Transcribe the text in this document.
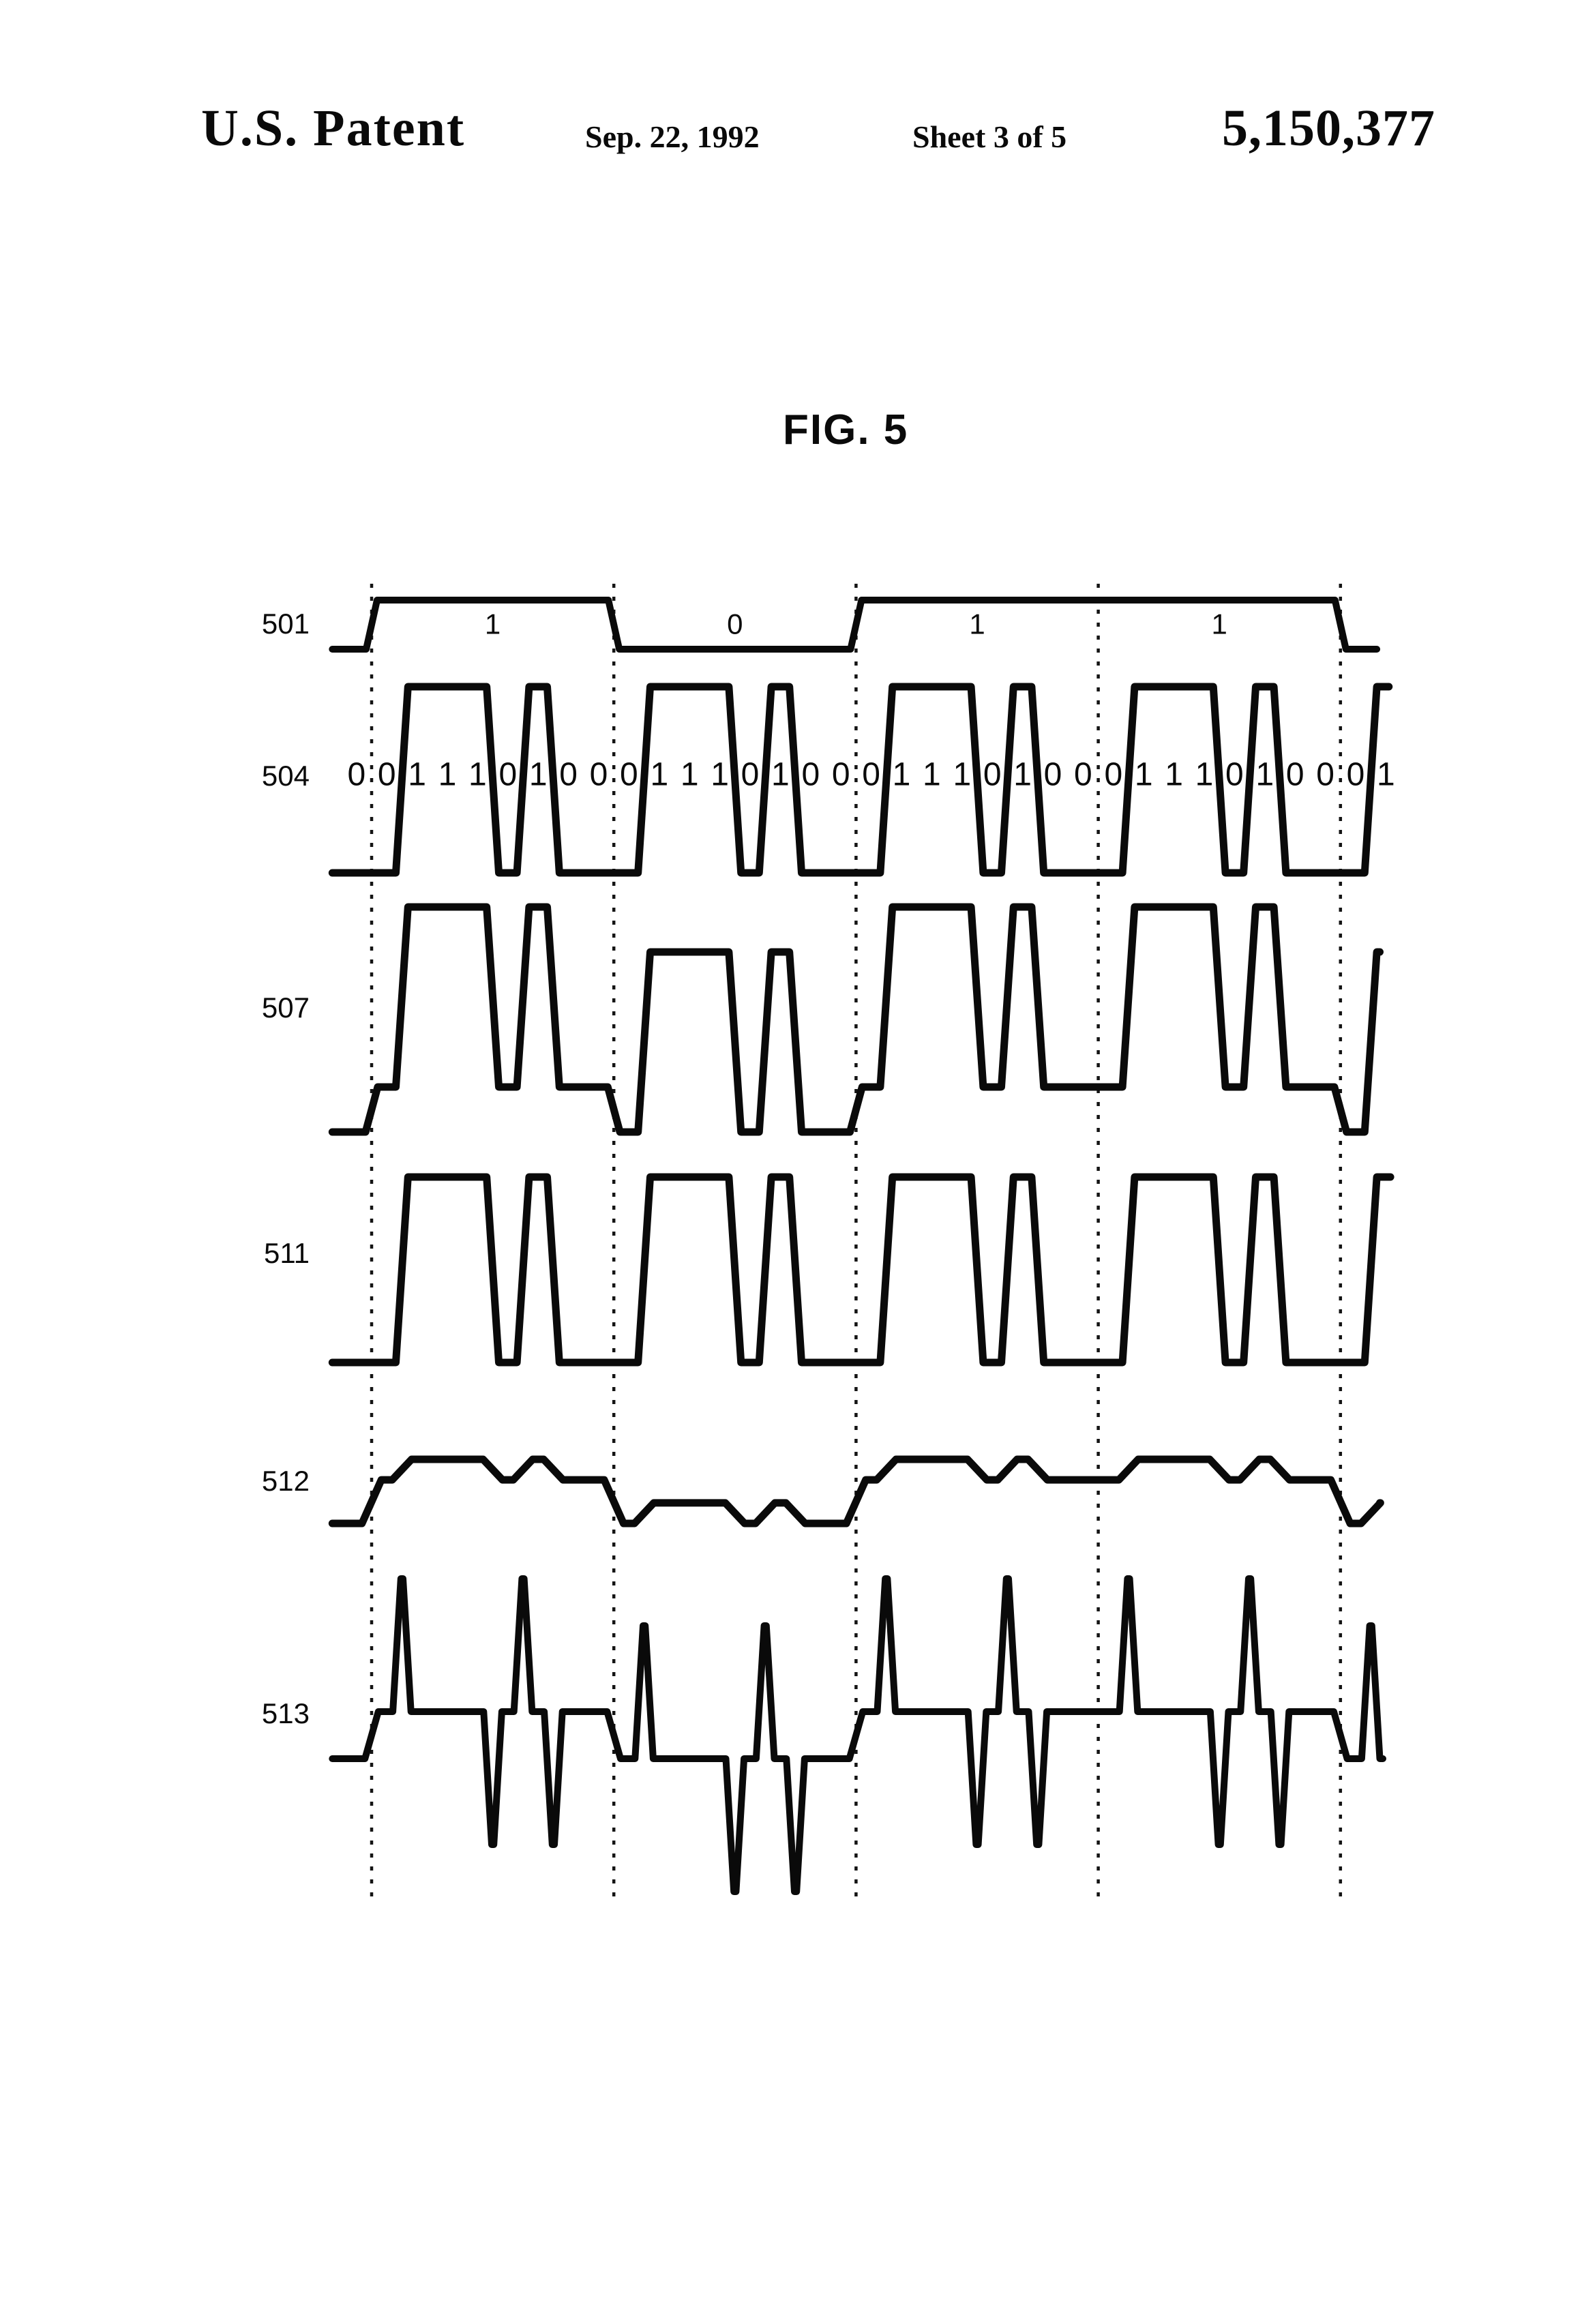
U.S. Patent	Sep. 22, 1992	Sheet 3 of 5	5,150,377
FIG. 5
501
504
507
511
512
513
0 0 1 1 1 0 1 0 0 0 1 1 1 0 1 0 0 0 1 1 1 0 1 0 0 0 1 1 1 0 1 0 0 0 1
1	0	1	1
